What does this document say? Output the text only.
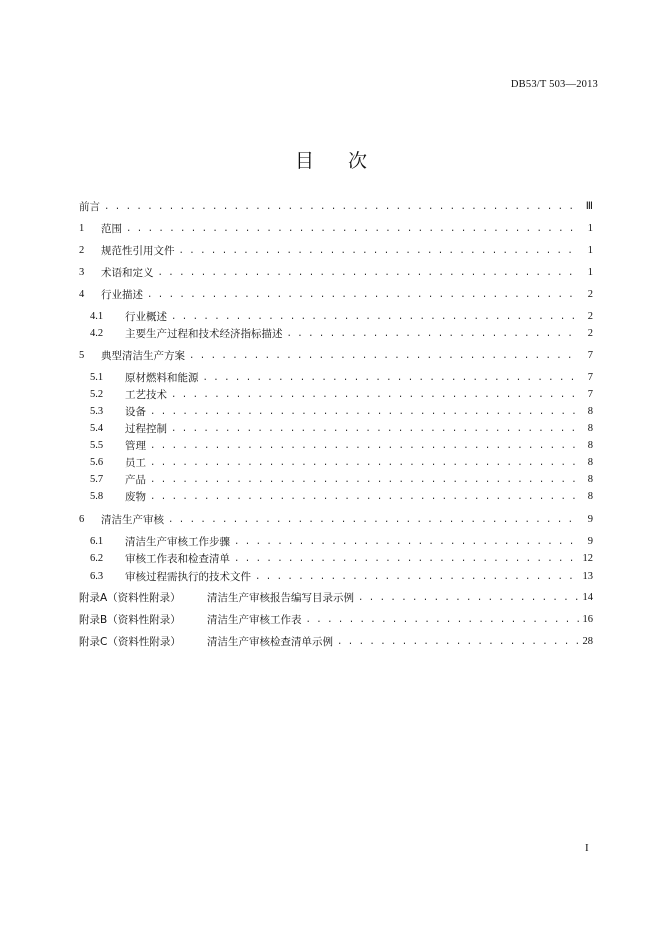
DB53/T 503—2013
目次
前言 . . .	Ⅲ
1	范围 . . .	1
2	规范性引用文件 . . .	1
3	术语和定义 . . .	1
4	行业描述 . . .	2
4.1	行业概述 . . .	2
4.2	主要生产过程和技术经济指标描述 . . .	2
5	典型清洁生产方案 . . .	7
5.1	原材燃料和能源 . . .	7
5.2	工艺技术 . . .	7
5.3	设备 . . .	8
5.4	过程控制 . . .	8
5.5	管理 . . .	8
5.6	员工 . . .	8
5.7	产品 . . .	8
5.8	废物 . . .	8
6	清洁生产审核 . . .	9
6.1	清洁生产审核工作步骤 . . .	9
6.2	审核工作表和检查清单 . . .	12
6.3	审核过程需执行的技术文件 . . .	13
附录A（资料性附录）	清洁生产审核报告编写目录示例 . . .	14
附录B（资料性附录）	清洁生产审核工作表 . . .	16
附录C（资料性附录）	清洁生产审核检查清单示例 . . .	28
I
